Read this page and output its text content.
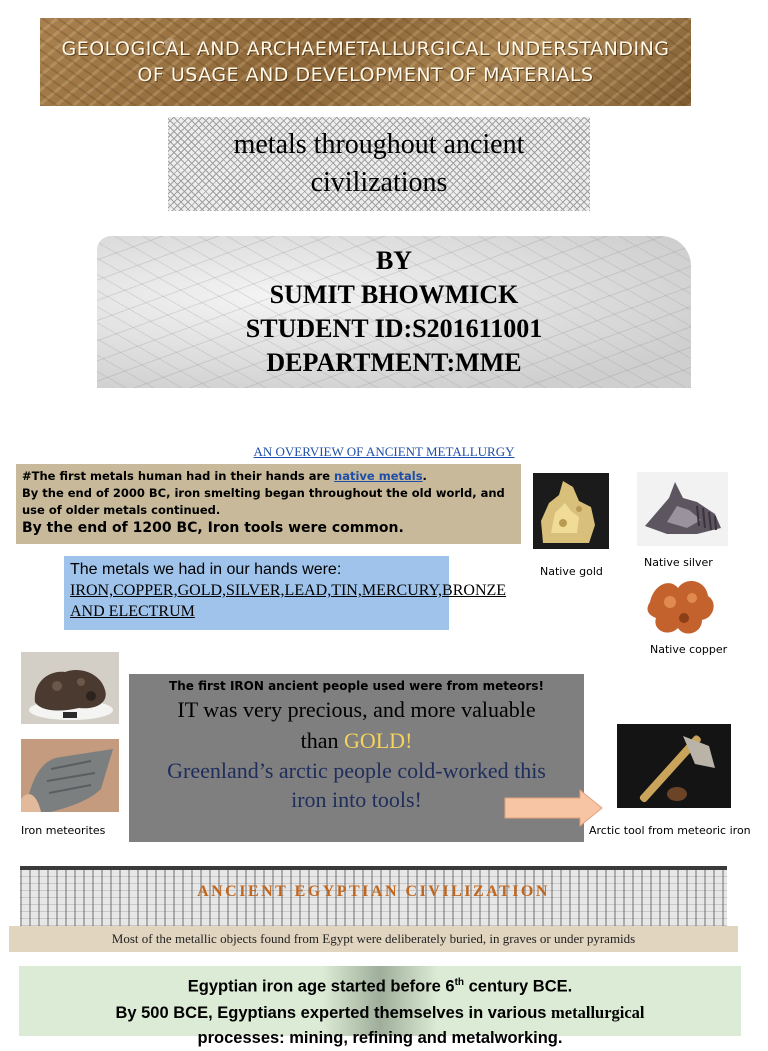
GEOLOGICAL AND ARCHAEMETALLURGICAL UNDERSTANDING OF USAGE AND DEVELOPMENT OF MATERIALS
metals throughout ancient civilizations
BY
SUMIT BHOWMICK
STUDENT ID:S201611001
DEPARTMENT:MME
AN OVERVIEW OF ANCIENT METALLURGY
#The first metals human had in their hands are native metals.
By the end of 2000 BC, iron smelting began throughout the old world, and use of older metals continued.
By the end of 1200 BC, Iron tools were common.
The metals we had in our hands were:
IRON,COPPER,GOLD,SILVER,LEAD,TIN,MERCURY,BRONZE AND ELECTRUM
Native gold
Native silver
Native copper
Iron meteorites
The first IRON ancient people used were from meteors!
IT was very precious, and more valuable
than GOLD!
Greenland’s arctic people cold-worked this
iron into tools!
Arctic tool from meteoric iron
ANCIENT EGYPTIAN CIVILIZATION
Most of the metallic objects found from Egypt were deliberately buried, in graves or under pyramids
Egyptian iron age started before 6th century BCE.
By 500 BCE, Egyptians experted themselves in various metallurgical
processes: mining, refining and metalworking.
